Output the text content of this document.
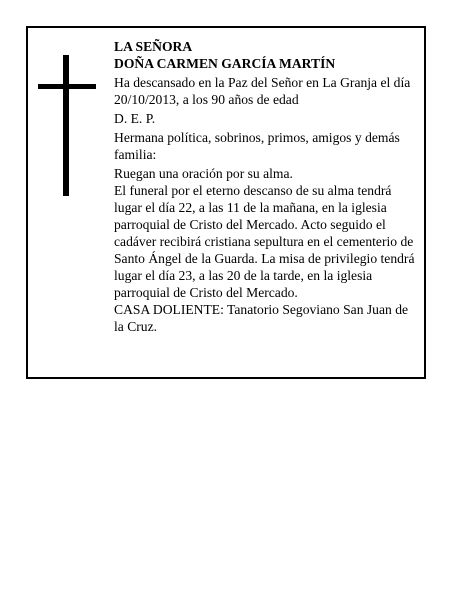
LA SEÑORA

DOÑA CARMEN GARCÍA MARTÍN

Ha descansado en la Paz del Señor en La Granja el día 20/10/2013, a los 90 años de edad

D. E. P.

Hermana política, sobrinos, primos, amigos y demás familia:

Ruegan una oración por su alma.

El funeral por el eterno descanso de su alma tendrá lugar el día 22, a las 11 de la mañana, en la iglesia parroquial de Cristo del Mercado. Acto seguido el cadáver recibirá cristiana sepultura en el cementerio de Santo Ángel de la Guarda. La misa de privilegio tendrá lugar el día 23, a las 20 de la tarde, en la iglesia parroquial de Cristo del Mercado.

CASA DOLIENTE: Tanatorio Segoviano San Juan de la Cruz.
